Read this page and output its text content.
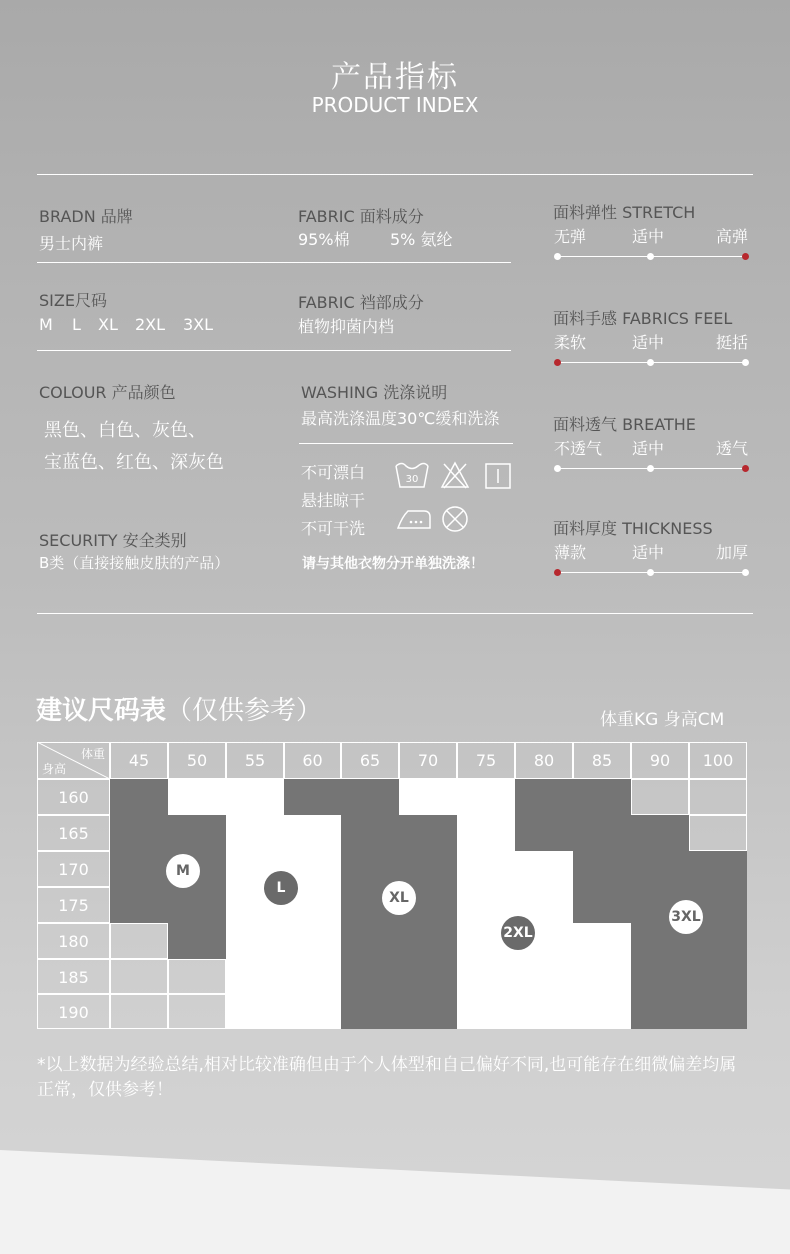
产品指标
PRODUCT INDEX
BRADN 品牌
男士内裤
SIZE尺码
M L XL 2XL 3XL
COLOUR 产品颜色
黑色、白色、灰色、
宝蓝色、红色、深灰色
SECURITY 安全类别
B类（直接接触皮肤的产品）
FABRIC 面料成分
95%棉	5% 氨纶
FABRIC 裆部成分
植物抑菌内档
WASHING 洗涤说明
最高洗涤温度30℃缓和洗涤
不可漂白
悬挂晾干
不可干洗
30
请与其他衣物分开单独洗涤！
面料弹性 STRETCH
无弹	适中	高弹
面料手感 FABRICS FEEL
柔软	适中	挺括
面料透气 BREATHE
不透气 适中	透气
面料厚度 THICKNESS
薄款	适中	加厚
建议尺码表（仅供参考）	体重KG 身高CM
体重
身高	45	50	55	60	65	70	75	80	85	90	100
160
165
170
175
180
185
190
M
L
XL
2XL
3XL
*以上数据为经验总结,相对比较准确但由于个人体型和自己偏好不同,也可能存在细微偏差均属正常，仅供参考！
